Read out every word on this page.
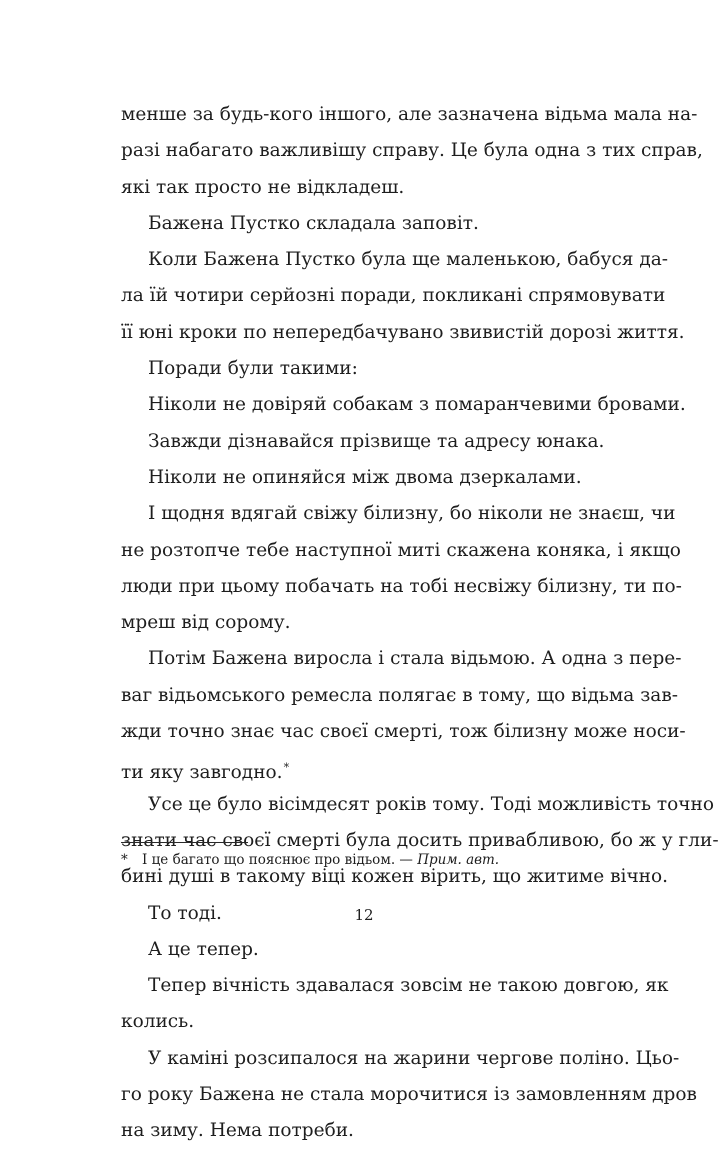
менше за будь-кого іншого, але зазначена відьма мала на-
разі набагато важливішу справу. Це була одна з тих справ,
які так просто не відкладеш.
Бажена Пустко складала заповіт.
Коли Бажена Пустко була ще маленькою, бабуся да-
ла їй чотири серйозні поради, покликані спрямовувати
її юні кроки по непередбачувано звивистій дорозі життя.
Поради були такими:
Ніколи не довіряй собакам з помаранчевими бровами.
Завжди дізнавайся прізвище та адресу юнака.
Ніколи не опиняйся між двома дзеркалами.
І щодня вдягай свіжу білизну, бо ніколи не знаєш, чи
не розтопче тебе наступної миті скажена коняка, і якщо
люди при цьому побачать на тобі несвіжу білизну, ти по-
мреш від сорому.
Потім Бажена виросла і стала відьмою. А одна з пере-
ваг відьомського ремесла полягає в тому, що відьма зав-
жди точно знає час своєї смерті, тож білизну може носи-
ти яку завгодно.*
Усе це було вісімдесят років тому. Тоді можливість точно
знати час своєї смерті була досить привабливою, бо ж у гли-
бині душі в такому віці кожен вірить, що житиме вічно.
То тоді.
А це тепер.
Тепер вічність здавалася зовсім не такою довгою, як
колись.
У каміні розсипалося на жарини чергове поліно. Цьо-
го року Бажена не стала морочитися із замовленням дров
на зиму. Нема потреби.
* І це багато що пояснює про відьом. — Прим. авт.
12
